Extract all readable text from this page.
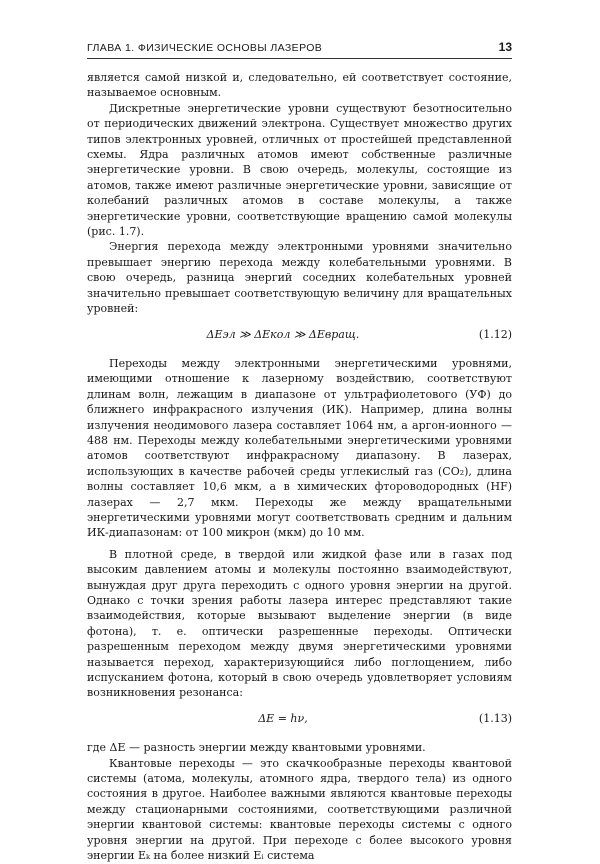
ГЛАВА 1. ФИЗИЧЕСКИЕ ОСНОВЫ ЛАЗЕРОВ	13

является самой низкой и, следовательно, ей соответствует состояние, называемое основным.

Дискретные энергетические уровни существуют безотносительно от периодических движений электрона. Существует множество других типов электронных уровней, отличных от простейшей представленной схемы. Ядра различных атомов имеют собственные различные энергетические уровни. В свою очередь, молекулы, состоящие из атомов, также имеют различные энергетические уровни, зависящие от колебаний различных атомов в составе молекулы, а также энергетические уровни, соответствующие вращению самой молекулы (рис. 1.7).

Энергия перехода между электронными уровнями значительно превышает энергию перехода между колебательными уровнями. В свою очередь, разница энергий соседних колебательных уровней значительно превышает соответствующую величину для вращательных уровней:

ΔEэл ≫ ΔEкол ≫ ΔEвращ.	(1.12)

Переходы между электронными энергетическими уровнями, имеющими отношение к лазерному воздействию, соответствуют длинам волн, лежащим в диапазоне от ультрафиолетового (УФ) до ближнего инфракрасного излучения (ИК). Например, длина волны излучения неодимового лазера составляет 1064 нм, а аргон-ионного — 488 нм. Переходы между колебательными энергетическими уровнями атомов соответствуют инфракрасному диапазону. В лазерах, использующих в качестве рабочей среды углекислый газ (CO₂), длина волны составляет 10,6 мкм, а в химических фтороводородных (HF) лазерах — 2,7 мкм. Переходы же между вращательными энергетическими уровнями могут соответствовать средним и дальним ИК-диапазонам: от 100 микрон (мкм) до 10 мм.

В плотной среде, в твердой или жидкой фазе или в газах под высоким давлением атомы и молекулы постоянно взаимодействуют, вынуждая друг друга переходить с одного уровня энергии на другой. Однако с точки зрения работы лазера интерес представляют такие взаимодействия, которые вызывают выделение энергии (в виде фотона), т. е. оптически разрешенные переходы. Оптически разрешенным переходом между двумя энергетическими уровнями называется переход, характеризующийся либо поглощением, либо испусканием фотона, который в свою очередь удовлетворяет условиям возникновения резонанса:

ΔE = hν,	(1.13)

где ΔE — разность энергии между квантовыми уровнями.

Квантовые переходы — это скачкообразные переходы квантовой системы (атома, молекулы, атомного ядра, твердого тела) из одного состояния в другое. Наиболее важными являются квантовые переходы между стационарными состояниями, соответствующими различной энергии квантовой системы: квантовые переходы системы с одного уровня энергии на другой. При переходе с более высокого уровня энергии Eₖ на более низкий Eᵢ система
